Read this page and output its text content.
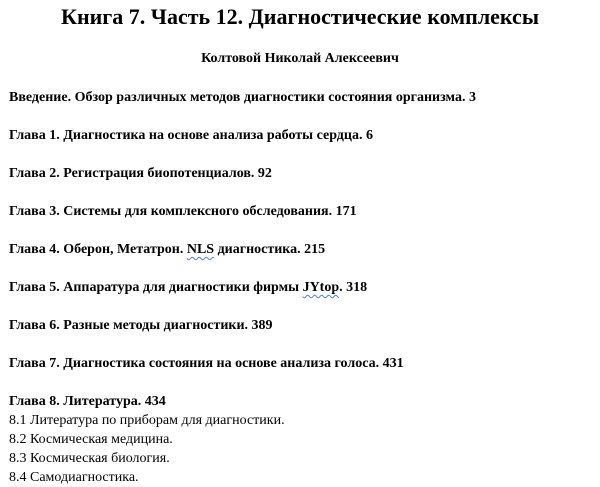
Книга 7. Часть 12. Диагностические комплексы
Колтовой Николай Алексеевич
Введение. Обзор различных методов диагностики состояния организма. 3
Глава 1. Диагностика на основе анализа работы сердца. 6
Глава 2. Регистрация биопотенциалов. 92
Глава 3. Системы для комплексного обследования. 171
Глава 4. Оберон, Метатрон. NLS диагностика. 215
Глава 5. Аппаратура для диагностики фирмы JYtop. 318
Глава 6. Разные методы диагностики. 389
Глава 7. Диагностика состояния на основе анализа голоса. 431
Глава 8. Литература. 434
8.1 Литература по приборам для диагностики.
8.2 Космическая медицина.
8.3 Космическая биология.
8.4 Самодиагностика.
